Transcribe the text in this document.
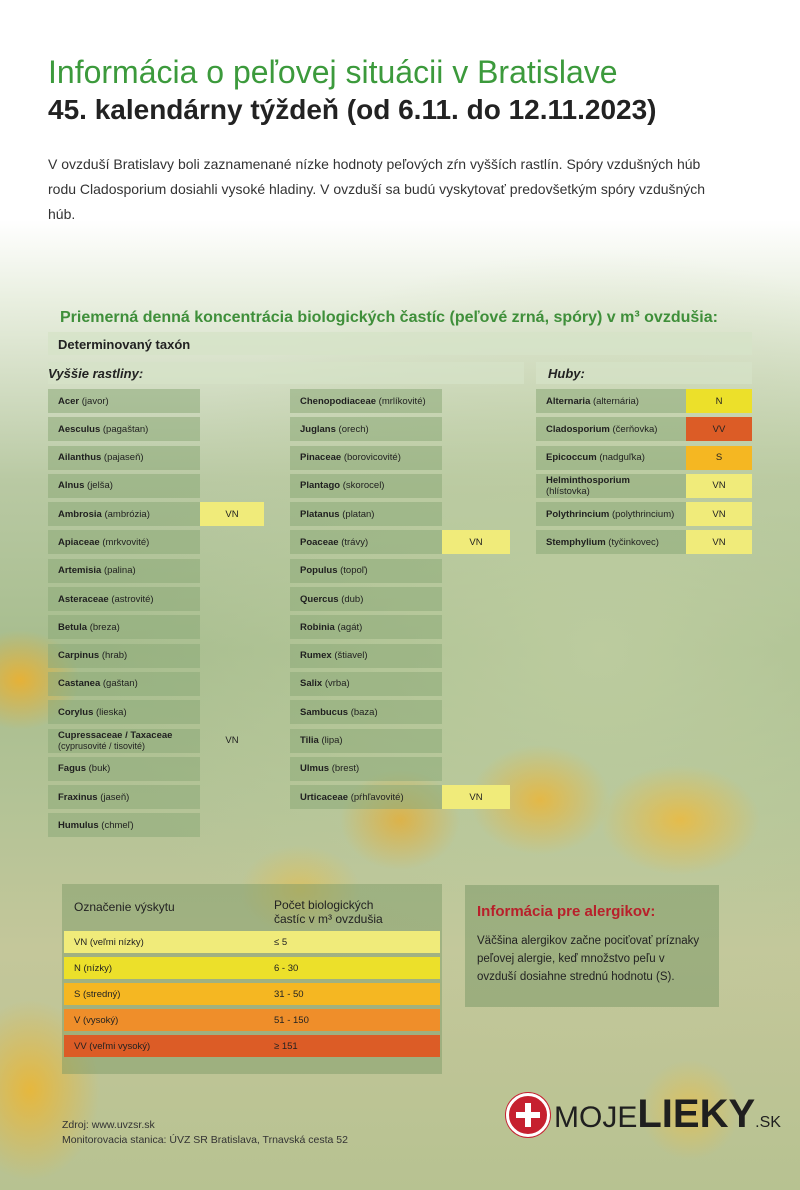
Informácia o peľovej situácii v Bratislave
45. kalendárny týždeň (od 6.11. do 12.11.2023)

V ovzduší Bratislavy boli zaznamenané nízke hodnoty peľových zŕn vyšších rastlín. Spóry vzdušných húb rodu Cladosporium dosiahli vysoké hladiny. V ovzduší sa budú vyskytovať predovšetkým spóry vzdušných húb.

Priemerná denná koncentrácia biologických častíc (peľové zrná, spóry) v m³ ovzdušia:
Determinovaný taxón
Vyššie rastliny:	Huby:
Acer (javor)
Aesculus (pagaštan)
Ailanthus (pajaseň)
Alnus (jelša)
Ambrosia (ambrózia)	VN
Apiaceae (mrkvovité)
Artemisia (palina)
Asteraceae (astrovité)
Betula (breza)
Carpinus (hrab)
Castanea (gaštan)
Corylus (lieska)
Cupressaceae / Taxaceae
(cyprusovité / tisovité)	VN
Fagus (buk)
Fraxinus (jaseň)
Humulus (chmeľ)
Chenopodiaceae (mrlíkovité)
Juglans (orech)
Pinaceae (borovicovité)
Plantago (skorocel)
Platanus (platan)
Poaceae (trávy)	VN
Populus (topoľ)
Quercus (dub)
Robinia (agát)
Rumex (štiavel)
Salix (vrba)
Sambucus (baza)
Tilia (lipa)
Ulmus (brest)
Urticaceae (pŕhľavovité)	VN
Alternaria (alternária)	N
Cladosporium (čerňovka)	VV
Epicoccum (nadguľka)	S
Helminthosporium (hlístovka)	VN
Polythrincium (polythrincium)	VN
Stemphylium (tyčinkovec)	VN
Označenie výskytu	Počet biologických
častíc v m³ ovzdušia
VN (veľmi nízky)	≤ 5
N (nízky)	6 - 30
S (stredný)	31 - 50
V (vysoký)	51 - 150
VV (veľmi vysoký)	≥ 151
Informácia pre alergikov:
Väčšina alergikov začne pociťovať príznaky peľovej alergie, keď množstvo peľu v ovzduší dosiahne strednú hodnotu (S).
Zdroj: www.uvzsr.sk
Monitorovacia stanica: ÚVZ SR Bratislava, Trnavská cesta 52
MOJELIEKY.SK
